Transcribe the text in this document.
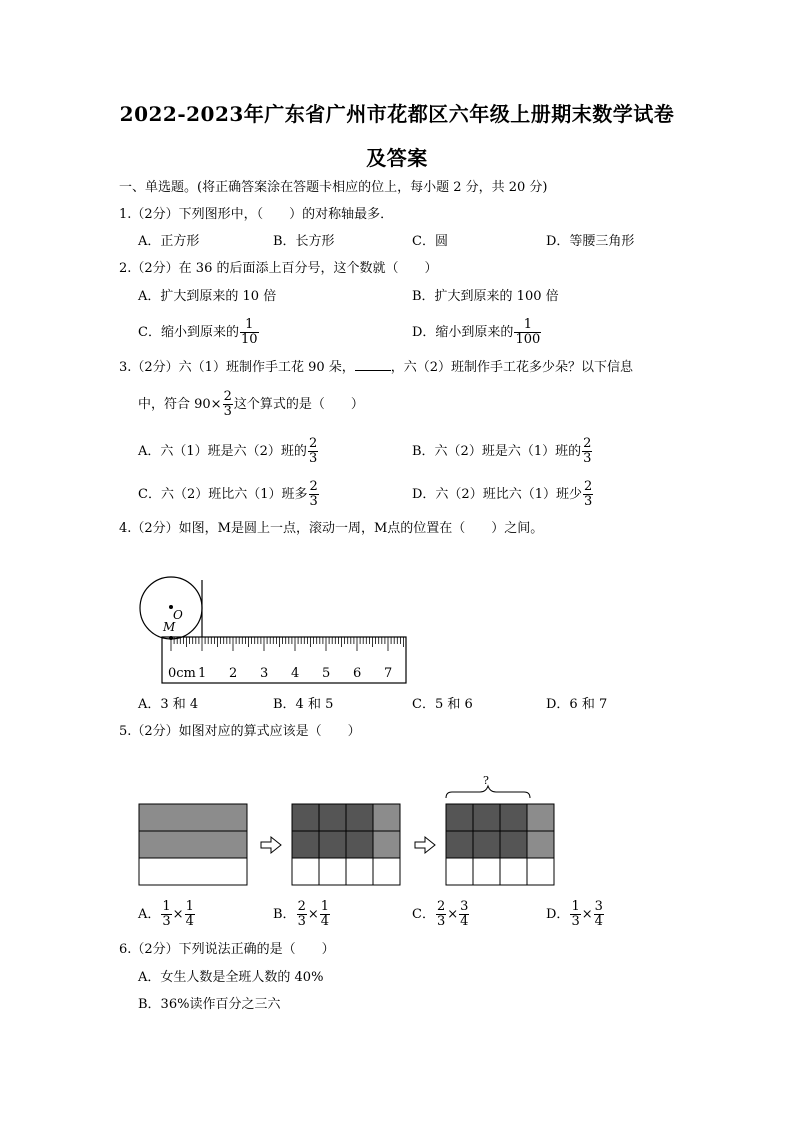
2022-2023年广东省广州市花都区六年级上册期末数学试卷
及答案
一、单选题。(将正确答案涂在答题卡相应的位上，每小题 2 分，共 20 分)
1.（2分）下列图形中，（　　）的对称轴最多．
A．正方形	B．长方形	C．圆	D．等腰三角形
2.（2分）在 36 的后面添上百分号，这个数就（　　）
A．扩大到原来的 10 倍	B．扩大到原来的 100 倍
C．缩小到原来的 $\frac{1}{10}$	D．缩小到原来的 $\frac{1}{100}$
3.（2分）六（1）班制作手工花 90 朵，	，六（2）班制作手工花多少朵？以下信息
中，符合 $90\times \frac{2}{3}$ 这个算式的是（　　）
A．六（1）班是六（2）班的 $\frac{2}{3}$	B．六（2）班是六（1）班的 $\frac{2}{3}$
C．六（2）班比六（1）班多 $\frac{2}{3}$	D．六（2）班比六（1）班少 $\frac{2}{3}$
4.（2分）如图，M是圆上一点，滚动一周，M点的位置在（　　）之间。
O
M
0cm 1 2 3 4 5 6 7
A．3 和 4	B．4 和 5	C．5 和 6	D．6 和 7
5.（2分）如图对应的算式应该是（　　）
?
A． $\frac{1}{3} \times \frac{1}{4}$	B． $\frac{2}{3} \times \frac{1}{4}$	C． $\frac{2}{3} \times \frac{3}{4}$	D． $\frac{1}{3} \times \frac{3}{4}$
6.（2分）下列说法正确的是（　　）
A．女生人数是全班人数的 40%
B．36%读作百分之三六
